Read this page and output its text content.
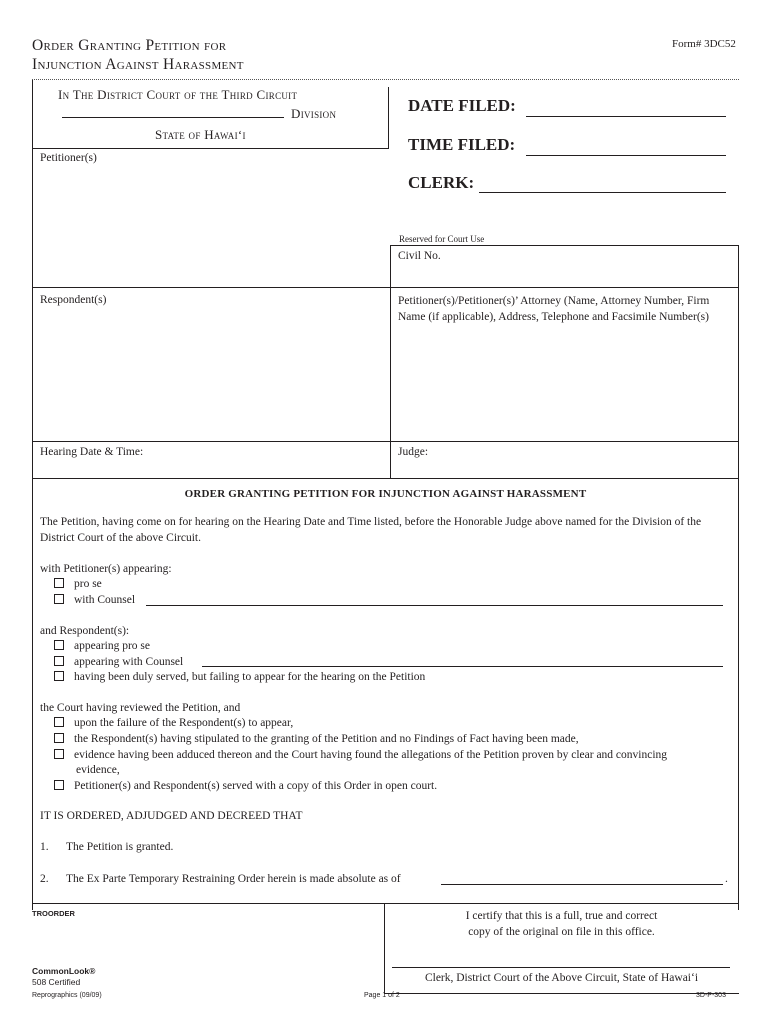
Order Granting Petition for
Injunction Against Harassment
Form# 3DC52
In The District Court of the Third Circuit
Division
State of Hawai‘i
Petitioner(s)
DATE FILED:
TIME FILED:
CLERK:
Reserved for Court Use
Civil No.
Respondent(s)	Petitioner(s)/Petitioner(s)’ Attorney (Name, Attorney Number, Firm Name (if applicable), Address, Telephone and Facsimile Number(s)
Hearing Date & Time:	Judge:
ORDER GRANTING PETITION FOR INJUNCTION AGAINST HARASSMENT
The Petition, having come on for hearing on the Hearing Date and Time listed, before the Honorable Judge above named for the Division of the District Court of the above Circuit.
with Petitioner(s) appearing:
pro se
with Counsel
and Respondent(s):
appearing pro se
appearing with Counsel
having been duly served, but failing to appear for the hearing on the Petition
the Court having reviewed the Petition, and
upon the failure of the Respondent(s) to appear,
the Respondent(s) having stipulated to the granting of the Petition and no Findings of Fact having been made,
evidence having been adduced thereon and the Court having found the allegations of the Petition proven by clear and convincing
evidence,
Petitioner(s) and Respondent(s) served with a copy of this Order in open court.
IT IS ORDERED, ADJUDGED AND DECREED THAT
1. The Petition is granted.
2. The Ex Parte Temporary Restraining Order herein is made absolute as of	.
TROORDER	I certify that this is a full, true and correct
copy of the original on file in this office.
Clerk, District Court of the Above Circuit, State of Hawai‘i
CommonLook®
508 Certified
Reprographics (09/09)	Page 1 of 2	3D-P-303
